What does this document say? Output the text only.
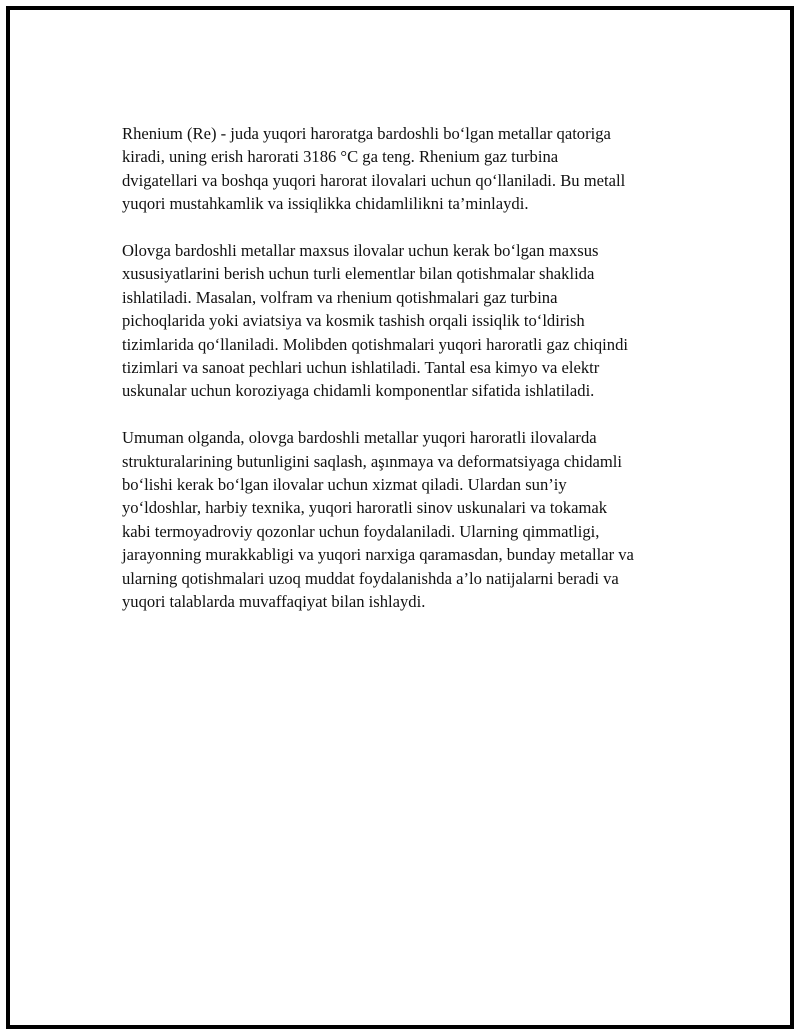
Rhenium (Re) - juda yuqori haroratga bardoshli bo‘lgan metallar qatoriga
kiradi, uning erish harorati 3186 °C ga teng. Rhenium gaz turbina
dvigatellari va boshqa yuqori harorat ilovalari uchun qo‘llaniladi. Bu metall
yuqori mustahkamlik va issiqlikka chidamlilikni ta’minlaydi.

Olovga bardoshli metallar maxsus ilovalar uchun kerak bo‘lgan maxsus
xususiyatlarini berish uchun turli elementlar bilan qotishmalar shaklida
ishlatiladi. Masalan, volfram va rhenium qotishmalari gaz turbina
pichoqlarida yoki aviatsiya va kosmik tashish orqali issiqlik to‘ldirish
tizimlarida qo‘llaniladi. Molibden qotishmalari yuqori haroratli gaz chiqindi
tizimlari va sanoat pechlari uchun ishlatiladi. Tantal esa kimyo va elektr
uskunalar uchun koroziyaga chidamli komponentlar sifatida ishlatiladi.

Umuman olganda, olovga bardoshli metallar yuqori haroratli ilovalarda
strukturalarining butunligini saqlash, aşınmaya va deformatsiyaga chidamli
bo‘lishi kerak bo‘lgan ilovalar uchun xizmat qiladi. Ulardan sun’iy
yo‘ldoshlar, harbiy texnika, yuqori haroratli sinov uskunalari va tokamak
kabi termoyadroviy qozonlar uchun foydalaniladi. Ularning qimmatligi,
jarayonning murakkabligi va yuqori narxiga qaramasdan, bunday metallar va
ularning qotishmalari uzoq muddat foydalanishda a’lo natijalarni beradi va
yuqori talablarda muvaffaqiyat bilan ishlaydi.
